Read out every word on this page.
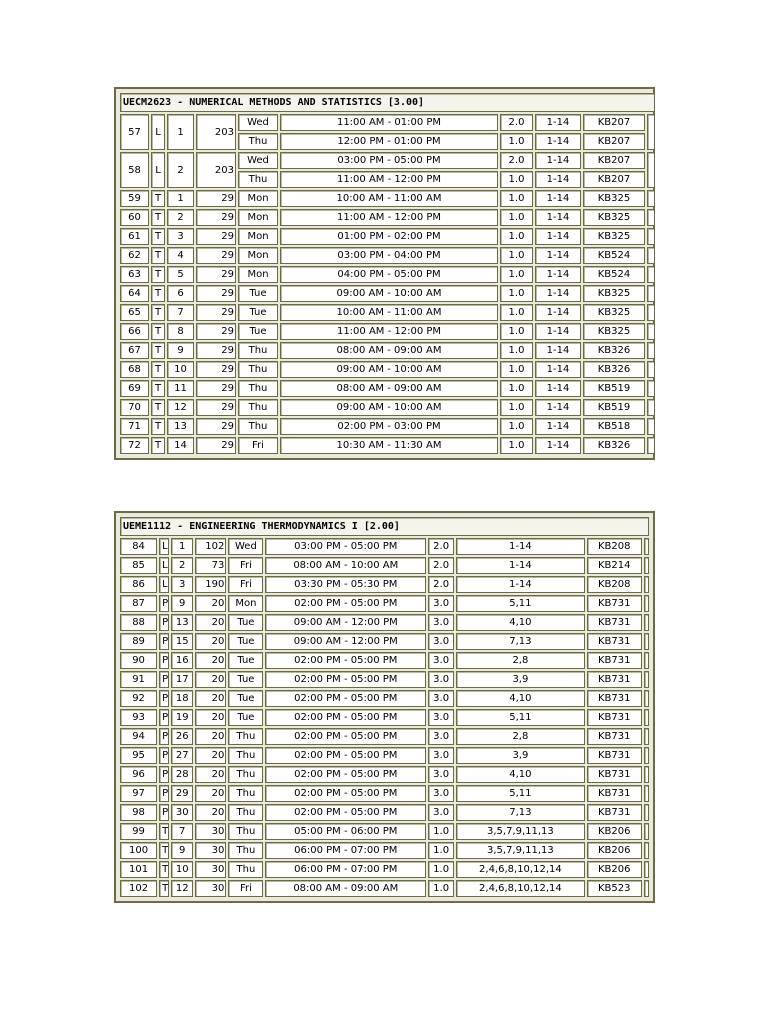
UECM2623 - NUMERICAL METHODS AND STATISTICS [3.00]									
57	L	1	203	Wed	11:00 AM - 01:00 PM	2.0	1-14	KB207	
				Thu	12:00 PM - 01:00 PM	1.0	1-14	KB207	
58	L	2	203	Wed	03:00 PM - 05:00 PM	2.0	1-14	KB207	
				Thu	11:00 AM - 12:00 PM	1.0	1-14	KB207	
59	T	1	29	Mon	10:00 AM - 11:00 AM	1.0	1-14	KB325	
60	T	2	29	Mon	11:00 AM - 12:00 PM	1.0	1-14	KB325	
61	T	3	29	Mon	01:00 PM - 02:00 PM	1.0	1-14	KB325	
62	T	4	29	Mon	03:00 PM - 04:00 PM	1.0	1-14	KB524	
63	T	5	29	Mon	04:00 PM - 05:00 PM	1.0	1-14	KB524	
64	T	6	29	Tue	09:00 AM - 10:00 AM	1.0	1-14	KB325	
65	T	7	29	Tue	10:00 AM - 11:00 AM	1.0	1-14	KB325	
66	T	8	29	Tue	11:00 AM - 12:00 PM	1.0	1-14	KB325	
67	T	9	29	Thu	08:00 AM - 09:00 AM	1.0	1-14	KB326	
68	T	10	29	Thu	09:00 AM - 10:00 AM	1.0	1-14	KB326	
69	T	11	29	Thu	08:00 AM - 09:00 AM	1.0	1-14	KB519	
70	T	12	29	Thu	09:00 AM - 10:00 AM	1.0	1-14	KB519	
71	T	13	29	Thu	02:00 PM - 03:00 PM	1.0	1-14	KB518	
72	T	14	29	Fri	10:30 AM - 11:30 AM	1.0	1-14	KB326	
UEME1112 - ENGINEERING THERMODYNAMICS I [2.00]									
84	L	1	102	Wed	03:00 PM - 05:00 PM	2.0	1-14	KB208	
85	L	2	73	Fri	08:00 AM - 10:00 AM	2.0	1-14	KB214	
86	L	3	190	Fri	03:30 PM - 05:30 PM	2.0	1-14	KB208	
87	P	9	20	Mon	02:00 PM - 05:00 PM	3.0	5,11	KB731	
88	P	13	20	Tue	09:00 AM - 12:00 PM	3.0	4,10	KB731	
89	P	15	20	Tue	09:00 AM - 12:00 PM	3.0	7,13	KB731	
90	P	16	20	Tue	02:00 PM - 05:00 PM	3.0	2,8	KB731	
91	P	17	20	Tue	02:00 PM - 05:00 PM	3.0	3,9	KB731	
92	P	18	20	Tue	02:00 PM - 05:00 PM	3.0	4,10	KB731	
93	P	19	20	Tue	02:00 PM - 05:00 PM	3.0	5,11	KB731	
94	P	26	20	Thu	02:00 PM - 05:00 PM	3.0	2,8	KB731	
95	P	27	20	Thu	02:00 PM - 05:00 PM	3.0	3,9	KB731	
96	P	28	20	Thu	02:00 PM - 05:00 PM	3.0	4,10	KB731	
97	P	29	20	Thu	02:00 PM - 05:00 PM	3.0	5,11	KB731	
98	P	30	20	Thu	02:00 PM - 05:00 PM	3.0	7,13	KB731	
99	T	7	30	Thu	05:00 PM - 06:00 PM	1.0	3,5,7,9,11,13	KB206	
100	T	9	30	Thu	06:00 PM - 07:00 PM	1.0	3,5,7,9,11,13	KB206	
101	T	10	30	Thu	06:00 PM - 07:00 PM	1.0	2,4,6,8,10,12,14	KB206	
102	T	12	30	Fri	08:00 AM - 09:00 AM	1.0	2,4,6,8,10,12,14	KB523	
